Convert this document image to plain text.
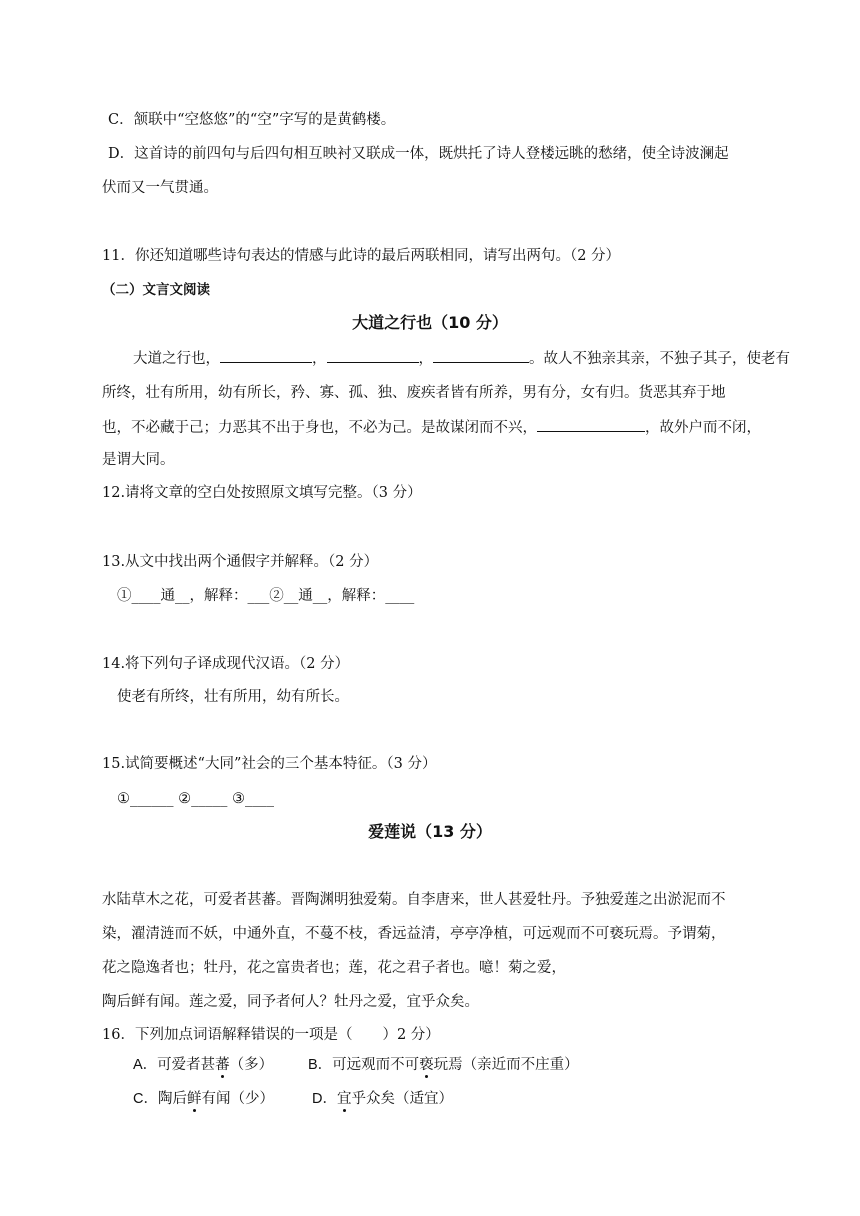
C．颔联中“空悠悠”的“空”字写的是黄鹤楼。
D．这首诗的前四句与后四句相互映衬又联成一体，既烘托了诗人登楼远眺的愁绪，使全诗波澜起
伏而又一气贯通。
11．你还知道哪些诗句表达的情感与此诗的最后两联相同，请写出两句。（2 分）
（二）文言文阅读
大道之行也（10 分）
大道之行也，	，	，	。故人不独亲其亲，不独子其子，使老有
所终，壮有所用，幼有所长，矜、寡、孤、独、废疾者皆有所养，男有分，女有归。货恶其弃于地
也，不必藏于己；力恶其不出于身也，不必为己。是故谋闭而不兴，	，故外户而不闭，
是谓大同。
12.请将文章的空白处按照原文填写完整。（3 分）
13.从文中找出两个通假字并解释。（2 分）
①____通__，解释：___②__通__，解释：____
14.将下列句子译成现代汉语。（2 分）
使老有所终，壮有所用，幼有所长。
15.试简要概述“大同”社会的三个基本特征。（3 分）
①______ ②_____ ③____
爱莲说（13 分）
水陆草木之花，可爱者甚蕃。晋陶渊明独爱菊。自李唐来，世人甚爱牡丹。予独爱莲之出淤泥而不
染，濯清涟而不妖，中通外直，不蔓不枝，香远益清，亭亭净植，可远观而不可亵玩焉。予谓菊，
花之隐逸者也；牡丹，花之富贵者也；莲，花之君子者也。噫！菊之爱，
陶后鲜有闻。莲之爱，同予者何人？牡丹之爱，宜乎众矣。
16．下列加点词语解释错误的一项是（ ）2 分）
A．可爱者甚蕃（多） B．可远观而不可亵玩焉（亲近而不庄重）
C．陶后鲜有闻（少）	D．宜乎众矣（适宜）
